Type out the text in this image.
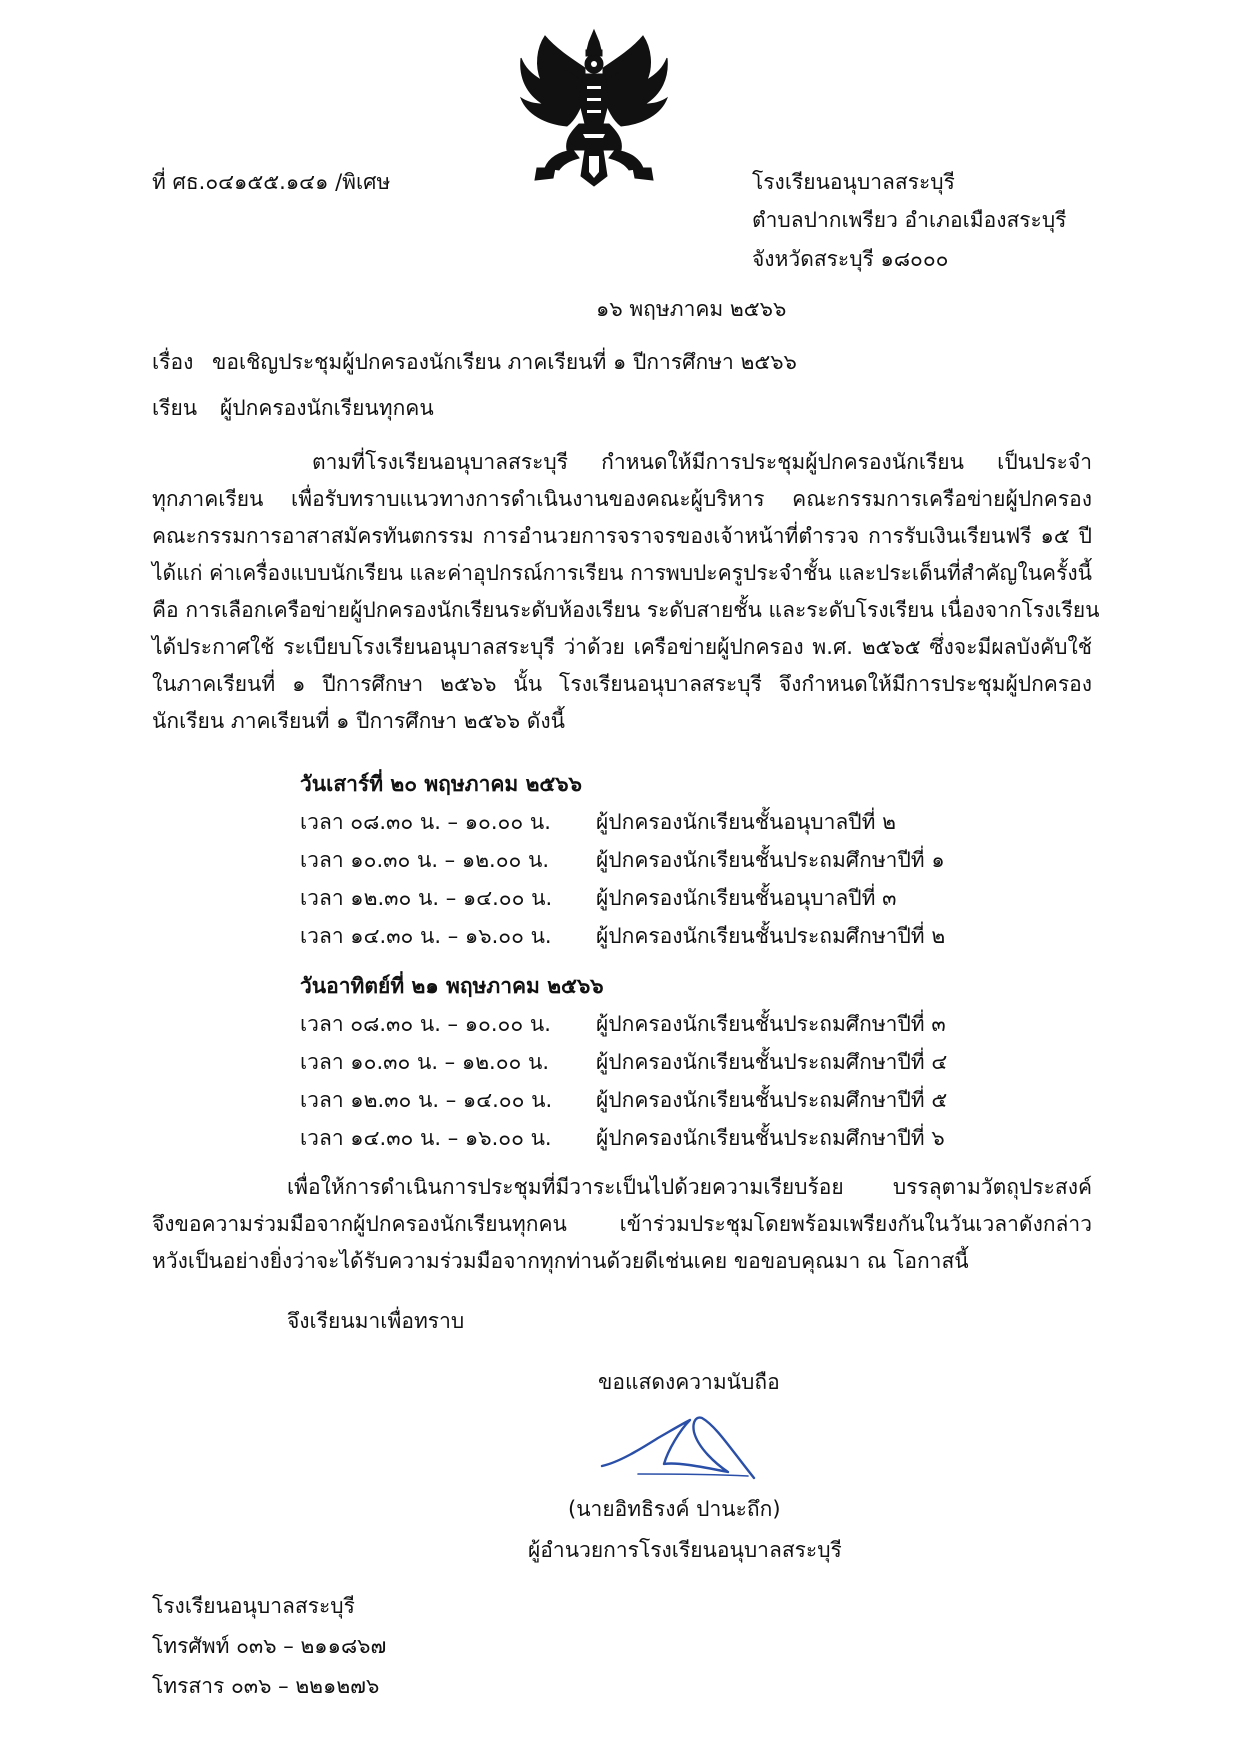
ที่ ศธ.๐๔๑๕๕.๑๔๑ /พิเศษ	โรงเรียนอนุบาลสระบุรี
ตำบลปากเพรียว อำเภอเมืองสระบุรี
จังหวัดสระบุรี ๑๘๐๐๐
๑๖ พฤษภาคม ๒๕๖๖
เรื่อง ขอเชิญประชุมผู้ปกครองนักเรียน ภาคเรียนที่ ๑ ปีการศึกษา ๒๕๖๖
เรียน ผู้ปกครองนักเรียนทุกคน
ตามที่โรงเรียนอนุบาลสระบุรี กำหนดให้มีการประชุมผู้ปกครองนักเรียน เป็นประจำ
ทุกภาคเรียน เพื่อรับทราบแนวทางการดำเนินงานของคณะผู้บริหาร คณะกรรมการเครือข่ายผู้ปกครอง
คณะกรรมการอาสาสมัครทันตกรรม การอำนวยการจราจรของเจ้าหน้าที่ตำรวจ การรับเงินเรียนฟรี ๑๕ ปี
ได้แก่ ค่าเครื่องแบบนักเรียน และค่าอุปกรณ์การเรียน การพบปะครูประจำชั้น และประเด็นที่สำคัญในครั้งนี้
คือ การเลือกเครือข่ายผู้ปกครองนักเรียนระดับห้องเรียน ระดับสายชั้น และระดับโรงเรียน เนื่องจากโรงเรียน
ได้ประกาศใช้ ระเบียบโรงเรียนอนุบาลสระบุรี ว่าด้วย เครือข่ายผู้ปกครอง พ.ศ. ๒๕๖๕ ซึ่งจะมีผลบังคับใช้
ในภาคเรียนที่ ๑ ปีการศึกษา ๒๕๖๖ นั้น โรงเรียนอนุบาลสระบุรี จึงกำหนดให้มีการประชุมผู้ปกครอง
นักเรียน ภาคเรียนที่ ๑ ปีการศึกษา ๒๕๖๖ ดังนี้
วันเสาร์ที่ ๒๐ พฤษภาคม ๒๕๖๖
เวลา ๐๘.๓๐ น. – ๑๐.๐๐ น. ผู้ปกครองนักเรียนชั้นอนุบาลปีที่ ๒
เวลา ๑๐.๓๐ น. – ๑๒.๐๐ น. ผู้ปกครองนักเรียนชั้นประถมศึกษาปีที่ ๑
เวลา ๑๒.๓๐ น. – ๑๔.๐๐ น. ผู้ปกครองนักเรียนชั้นอนุบาลปีที่ ๓
เวลา ๑๔.๓๐ น. – ๑๖.๐๐ น. ผู้ปกครองนักเรียนชั้นประถมศึกษาปีที่ ๒
วันอาทิตย์ที่ ๒๑ พฤษภาคม ๒๕๖๖
เวลา ๐๘.๓๐ น. – ๑๐.๐๐ น. ผู้ปกครองนักเรียนชั้นประถมศึกษาปีที่ ๓
เวลา ๑๐.๓๐ น. – ๑๒.๐๐ น. ผู้ปกครองนักเรียนชั้นประถมศึกษาปีที่ ๔
เวลา ๑๒.๓๐ น. – ๑๔.๐๐ น. ผู้ปกครองนักเรียนชั้นประถมศึกษาปีที่ ๕
เวลา ๑๔.๓๐ น. – ๑๖.๐๐ น. ผู้ปกครองนักเรียนชั้นประถมศึกษาปีที่ ๖
เพื่อให้การดำเนินการประชุมที่มีวาระเป็นไปด้วยความเรียบร้อย บรรลุตามวัตถุประสงค์
จึงขอความร่วมมือจากผู้ปกครองนักเรียนทุกคน เข้าร่วมประชุมโดยพร้อมเพรียงกันในวันเวลาดังกล่าว
หวังเป็นอย่างยิ่งว่าจะได้รับความร่วมมือจากทุกท่านด้วยดีเช่นเคย ขอขอบคุณมา ณ โอกาสนี้
จึงเรียนมาเพื่อทราบ
ขอแสดงความนับถือ
(นายอิทธิรงค์ ปานะถึก)
ผู้อำนวยการโรงเรียนอนุบาลสระบุรี
โรงเรียนอนุบาลสระบุรี
โทรศัพท์ ๐๓๖ – ๒๑๑๘๖๗
โทรสาร ๐๓๖ – ๒๒๑๒๗๖
